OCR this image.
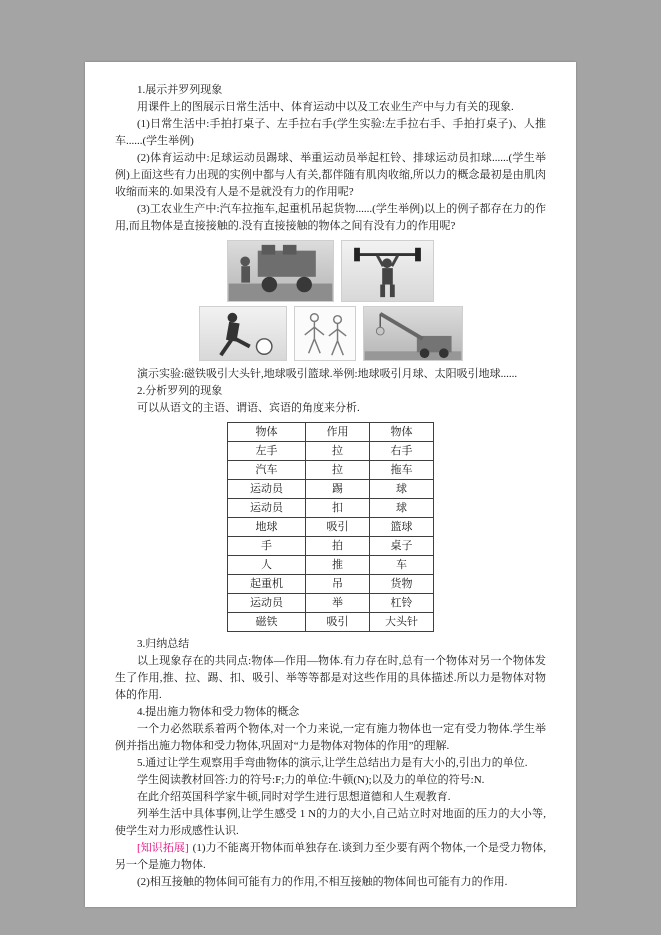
1.展示并罗列现象

用课件上的图展示日常生活中、体育运动中以及工农业生产中与力有关的现象.

(1)日常生活中:手拍打桌子、左手拉右手(学生实验:左手拉右手、手拍打桌子)、人推车......(学生举例)

(2)体育运动中:足球运动员踢球、举重运动员举起杠铃、排球运动员扣球......(学生举例)上面这些有力出现的实例中都与人有关,都伴随有肌肉收缩,所以力的概念最初是由肌肉收缩而来的.如果没有人是不是就没有力的作用呢?

(3)工农业生产中:汽车拉拖车,起重机吊起货物......(学生举例)以上的例子都存在力的作用,而且物体是直接接触的.没有直接接触的物体之间有没有力的作用呢?

演示实验:磁铁吸引大头针,地球吸引篮球.举例:地球吸引月球、太阳吸引地球......

2.分析罗列的现象

可以从语文的主语、谓语、宾语的角度来分析.

物体	作用	物体
左手	拉	右手
汽车	拉	拖车
运动员	踢	球
运动员	扣	球
地球	吸引	篮球
手	拍	桌子
人	推	车
起重机	吊	货物
运动员	举	杠铃
磁铁	吸引	大头针

3.归纳总结

以上现象存在的共同点:物体—作用—物体.有力存在时,总有一个物体对另一个物体发生了作用,推、拉、踢、扣、吸引、举等等都是对这些作用的具体描述.所以力是物体对物体的作用.

4.提出施力物体和受力物体的概念

一个力必然联系着两个物体,对一个力来说,一定有施力物体也一定有受力物体.学生举例并指出施力物体和受力物体,巩固对“力是物体对物体的作用”的理解.

5.通过让学生观察用手弯曲物体的演示,让学生总结出力是有大小的,引出力的单位.

学生阅读教材回答:力的符号:F;力的单位:牛顿(N);以及力的单位的符号:N.

在此介绍英国科学家牛顿,同时对学生进行思想道德和人生观教育.

列举生活中具体事例,让学生感受 1 N的力的大小,自己站立时对地面的压力的大小等,使学生对力形成感性认识.

[知识拓展] (1)力不能离开物体而单独存在.谈到力至少要有两个物体,一个是受力物体,另一个是施力物体.

(2)相互接触的物体间可能有力的作用,不相互接触的物体间也可能有力的作用.
